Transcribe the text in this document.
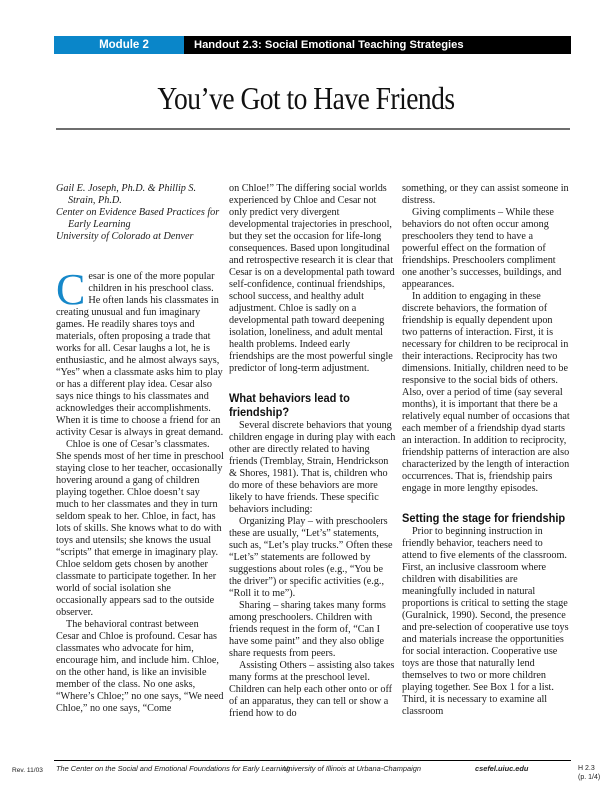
Module 2	Handout 2.3: Social Emotional Teaching Strategies
You’ve Got to Have Friends
Gail E. Joseph, Ph.D. & Phillip S. Strain, Ph.D.
Center on Evidence Based Practices for Early Learning
University of Colorado at Denver

Cesar is one of the more popular children in his preschool class. He often lands his classmates in creating unusual and fun imaginary games. He readily shares toys and materials, often proposing a trade that works for all. Cesar laughs a lot, he is enthusiastic, and he almost always says, “Yes” when a classmate asks him to play or has a different play idea. Cesar also says nice things to his classmates and acknowledges their accomplishments. When it is time to choose a friend for an activity Cesar is always in great demand.

Chloe is one of Cesar’s classmates. She spends most of her time in preschool staying close to her teacher, occasionally hovering around a gang of children playing together. Chloe doesn’t say much to her classmates and they in turn seldom speak to her. Chloe, in fact, has lots of skills. She knows what to do with toys and utensils; she knows the usual “scripts” that emerge in imaginary play. Chloe seldom gets chosen by another classmate to participate together. In her world of social isolation she occasionally appears sad to the outside observer.

The behavioral contrast between Cesar and Chloe is profound. Cesar has classmates who advocate for him, encourage him, and include him. Chloe, on the other hand, is like an invisible member of the class. No one asks, “Where’s Chloe;” no one says, “We need Chloe,” no one says, “Come

on Chloe!” The differing social worlds experienced by Chloe and Cesar not only predict very divergent developmental trajectories in preschool, but they set the occasion for life-long consequences. Based upon longitudinal and retrospective research it is clear that Cesar is on a developmental path toward self-confidence, continual friendships, school success, and healthy adult adjustment. Chloe is sadly on a developmental path toward deepening isolation, loneliness, and adult mental health problems. Indeed early friendships are the most powerful single predictor of long-term adjustment.

What behaviors lead to friendship?

Several discrete behaviors that young children engage in during play with each other are directly related to having friends (Tremblay, Strain, Hendrickson & Shores, 1981). That is, children who do more of these behaviors are more likely to have friends. These specific behaviors including:

Organizing Play – with preschoolers these are usually, “Let’s” statements, such as, “Let’s play trucks.” Often these “Let’s” statements are followed by suggestions about roles (e.g., “You be the driver”) or specific activities (e.g., “Roll it to me”).

Sharing – sharing takes many forms among preschoolers. Children with friends request in the form of, “Can I have some paint” and they also oblige share requests from peers.

Assisting Others – assisting also takes many forms at the preschool level. Children can help each other onto or off of an apparatus, they can tell or show a friend how to do

something, or they can assist someone in distress.

Giving compliments – While these behaviors do not often occur among preschoolers they tend to have a powerful effect on the formation of friendships. Preschoolers compliment one another’s successes, buildings, and appearances.

In addition to engaging in these discrete behaviors, the formation of friendship is equally dependent upon two patterns of interaction. First, it is necessary for children to be reciprocal in their interactions. Reciprocity has two dimensions. Initially, children need to be responsive to the social bids of others. Also, over a period of time (say several months), it is important that there be a relatively equal number of occasions that each member of a friendship dyad starts an interaction. In addition to reciprocity, friendship patterns of interaction are also characterized by the length of interaction occurrences. That is, friendship pairs engage in more lengthy episodes.

Setting the stage for friendship

Prior to beginning instruction in friendly behavior, teachers need to attend to five elements of the classroom. First, an inclusive classroom where children with disabilities are meaningfully included in natural proportions is critical to setting the stage (Guralnick, 1990). Second, the presence and pre-selection of cooperative use toys and materials increase the opportunities for social interaction. Cooperative use toys are those that naturally lend themselves to two or more children playing together. See Box 1 for a list. Third, it is necessary to examine all classroom

Rev. 11/03 The Center on the Social and Emotional Foundations for Early Learning
University of Illinois at Urbana-Champaign	csefel.uiuc.edu	H 2.3
(p. 1/4)
